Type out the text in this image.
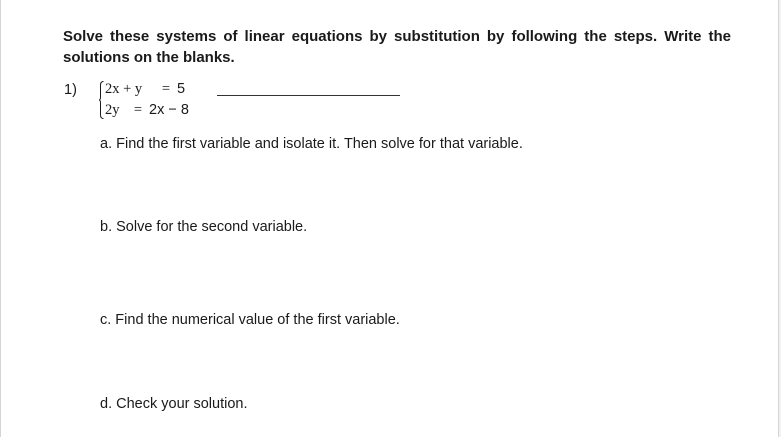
Solve these systems of linear equations by substitution by following the steps. Write the solutions on the blanks.
1) 2x + y = 5
2y = 2x − 8
a. Find the first variable and isolate it. Then solve for that variable.
b. Solve for the second variable.
c. Find the numerical value of the first variable.
d. Check your solution.
